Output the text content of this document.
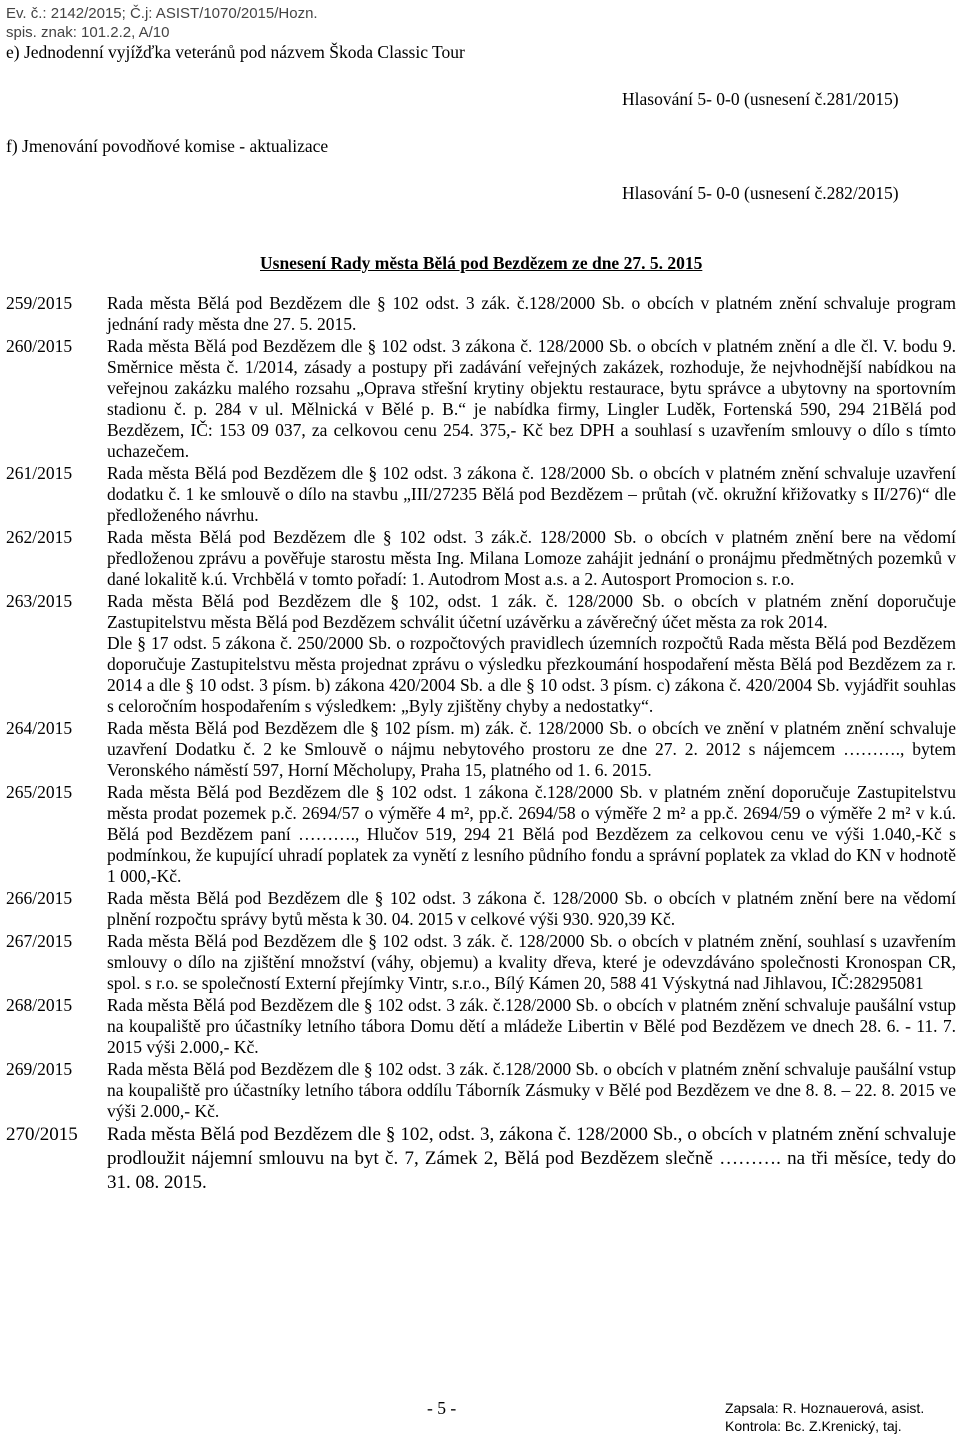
Ev. č.: 2142/2015; Č.j: ASIST/1070/2015/Hozn.
spis. znak: 101.2.2, A/10
e) Jednodenní vyjížďka veteránů pod názvem Škoda Classic Tour
Hlasování 5- 0-0 (usnesení č.281/2015)
f) Jmenování povodňové komise - aktualizace
Hlasování 5- 0-0 (usnesení č.282/2015)
Usnesení Rady města Bělá pod Bezdězem ze dne 27. 5. 2015
259/2015	Rada města Bělá pod Bezdězem dle § 102 odst. 3 zák. č.128/2000 Sb. o obcích v platném znění schvaluje program jednání rady města dne 27. 5. 2015.

260/2015	Rada města Bělá pod Bezdězem dle § 102 odst. 3 zákona č. 128/2000 Sb. o obcích v platném znění a dle čl. V. bodu 9. Směrnice města č. 1/2014, zásady a postupy při zadávání veřejných zakázek, rozhoduje, že nejvhodnější nabídkou na veřejnou zakázku malého rozsahu „Oprava střešní krytiny objektu restaurace, bytu správce a ubytovny na sportovním stadionu č. p. 284 v ul. Mělnická v Bělé p. B.“ je nabídka firmy, Lingler Luděk, Fortenská 590, 294 21Bělá pod Bezdězem, IČ: 153 09 037, za celkovou cenu 254. 375,- Kč bez DPH a souhlasí s uzavřením smlouvy o dílo s tímto uchazečem.

261/2015	Rada města Bělá pod Bezdězem dle § 102 odst. 3 zákona č. 128/2000 Sb. o obcích v platném znění schvaluje uzavření dodatku č. 1 ke smlouvě o dílo na stavbu „III/27235 Bělá pod Bezdězem – průtah (vč. okružní křižovatky s II/276)“ dle předloženého návrhu.

262/2015	Rada města Bělá pod Bezdězem dle § 102 odst. 3 zák.č. 128/2000 Sb. o obcích v platném znění bere na vědomí předloženou zprávu a pověřuje starostu města Ing. Milana Lomoze zahájit jednání o pronájmu předmětných pozemků v dané lokalitě k.ú. Vrchbělá v tomto pořadí: 1. Autodrom Most a.s. a 2. Autosport Promocion s. r.o.

263/2015	Rada města Bělá pod Bezdězem dle § 102, odst. 1 zák. č. 128/2000 Sb. o obcích v platném znění doporučuje Zastupitelstvu města Bělá pod Bezdězem schválit účetní uzávěrku a závěrečný účet města za rok 2014.

Dle § 17 odst. 5 zákona č. 250/2000 Sb. o rozpočtových pravidlech územních rozpočtů Rada města Bělá pod Bezdězem doporučuje Zastupitelstvu města projednat zprávu o výsledku přezkoumání hospodaření města Bělá pod Bezdězem za r. 2014 a dle § 10 odst. 3 písm. b) zákona 420/2004 Sb. a dle § 10 odst. 3 písm. c) zákona č. 420/2004 Sb. vyjádřit souhlas s celoročním hospodařením s výsledkem: „Byly zjištěny chyby a nedostatky“.

264/2015	Rada města Bělá pod Bezdězem dle § 102 písm. m) zák. č. 128/2000 Sb. o obcích ve znění v platném znění schvaluje uzavření Dodatku č. 2 ke Smlouvě o nájmu nebytového prostoru ze dne 27. 2. 2012 s nájemcem ………., bytem Veronského náměstí 597, Horní Měcholupy, Praha 15, platného od 1. 6. 2015.

265/2015	Rada města Bělá pod Bezdězem dle § 102 odst. 1 zákona č.128/2000 Sb. v platném znění doporučuje Zastupitelstvu města prodat pozemek p.č. 2694/57 o výměře 4 m², pp.č. 2694/58 o výměře 2 m² a pp.č. 2694/59 o výměře 2 m² v k.ú. Bělá pod Bezdězem paní ………., Hlučov 519, 294 21 Bělá pod Bezdězem za celkovou cenu ve výši 1.040,-Kč s podmínkou, že kupující uhradí poplatek za vynětí z lesního půdního fondu a správní poplatek za vklad do KN v hodnotě 1 000,-Kč.

266/2015	Rada města Bělá pod Bezdězem dle § 102 odst. 3 zákona č. 128/2000 Sb. o obcích v platném znění bere na vědomí plnění rozpočtu správy bytů města k 30. 04. 2015 v celkové výši 930. 920,39 Kč.

267/2015	Rada města Bělá pod Bezdězem dle § 102 odst. 3 zák. č. 128/2000 Sb. o obcích v platném znění, souhlasí s uzavřením smlouvy o dílo na zjištění množství (váhy, objemu) a kvality dřeva, které je odevzdáváno společnosti Kronospan CR, spol. s r.o. se společností Externí přejímky Vintr, s.r.o., Bílý Kámen 20, 588 41 Výskytná nad Jihlavou, IČ:28295081

268/2015	Rada města Bělá pod Bezdězem dle § 102 odst. 3 zák. č.128/2000 Sb. o obcích v platném znění schvaluje paušální vstup na koupaliště pro účastníky letního tábora Domu dětí a mládeže Libertin v Bělé pod Bezdězem ve dnech 28. 6. - 11. 7. 2015 výši 2.000,- Kč.

269/2015	Rada města Bělá pod Bezdězem dle § 102 odst. 3 zák. č.128/2000 Sb. o obcích v platném znění schvaluje paušální vstup na koupaliště pro účastníky letního tábora oddílu Táborník Zásmuky v Bělé pod Bezdězem ve dne 8. 8. – 22. 8. 2015 ve výši 2.000,- Kč.

270/2015	Rada města Bělá pod Bezdězem dle § 102, odst. 3, zákona č. 128/2000 Sb., o obcích v platném znění schvaluje prodloužit nájemní smlouvu na byt č. 7, Zámek 2, Bělá pod Bezdězem slečně ………. na tři měsíce, tedy do 31. 08. 2015.

- 5 -	Zapsala: R. Hoznauerová, asist.
Kontrola: Bc. Z.Krenický, taj.
